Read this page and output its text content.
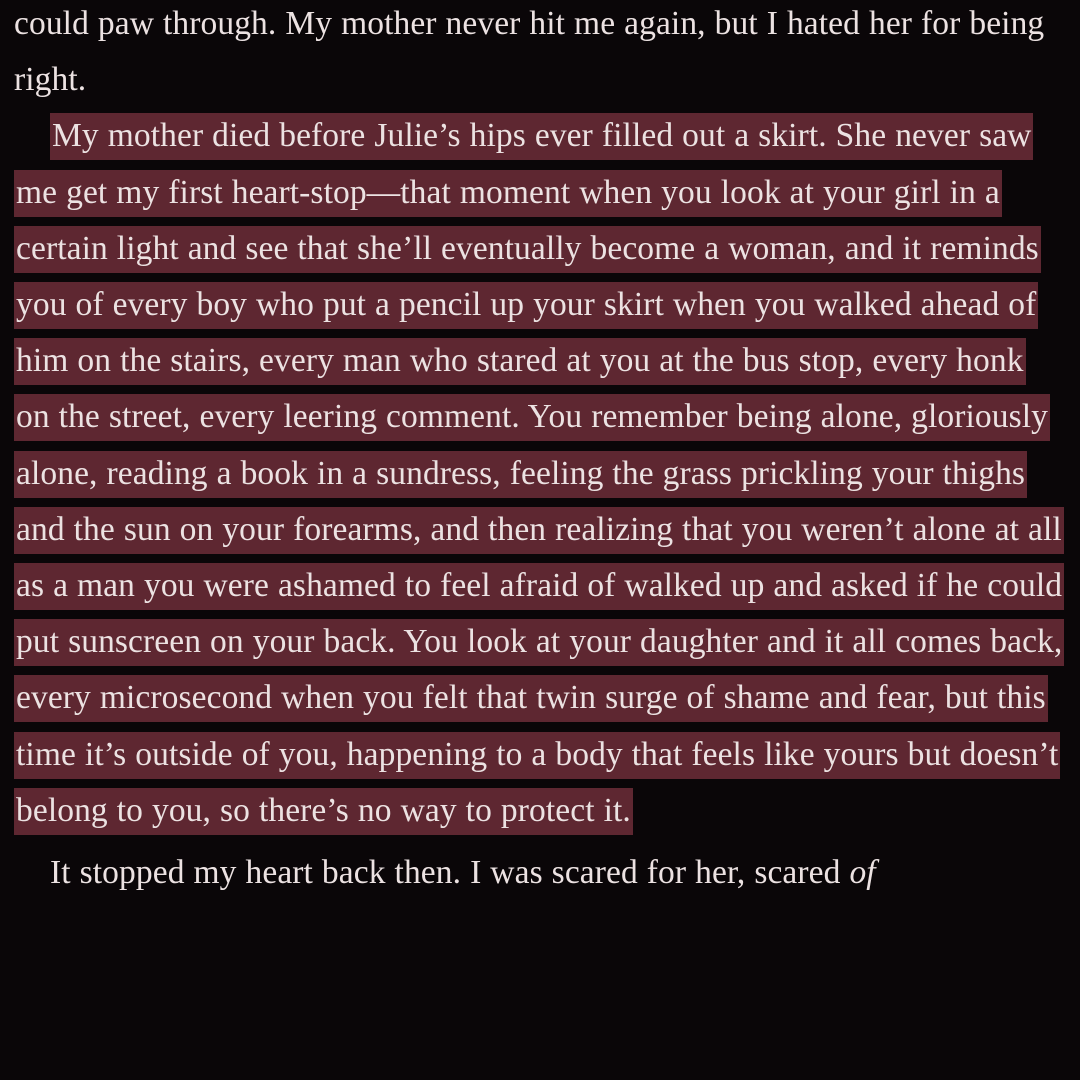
could paw through. My mother never hit me again, but I hated her for being right.

My mother died before Julie’s hips ever filled out a skirt. She never saw me get my first heart-stop—that moment when you look at your girl in a certain light and see that she’ll eventually become a woman, and it reminds you of every boy who put a pencil up your skirt when you walked ahead of him on the stairs, every man who stared at you at the bus stop, every honk on the street, every leering comment. You remember being alone, gloriously alone, reading a book in a sundress, feeling the grass prickling your thighs and the sun on your forearms, and then realizing that you weren’t alone at all as a man you were ashamed to feel afraid of walked up and asked if he could put sunscreen on your back. You look at your daughter and it all comes back, every microsecond when you felt that twin surge of shame and fear, but this time it’s outside of you, happening to a body that feels like yours but doesn’t belong to you, so there’s no way to protect it.

It stopped my heart back then. I was scared for her, scared of
